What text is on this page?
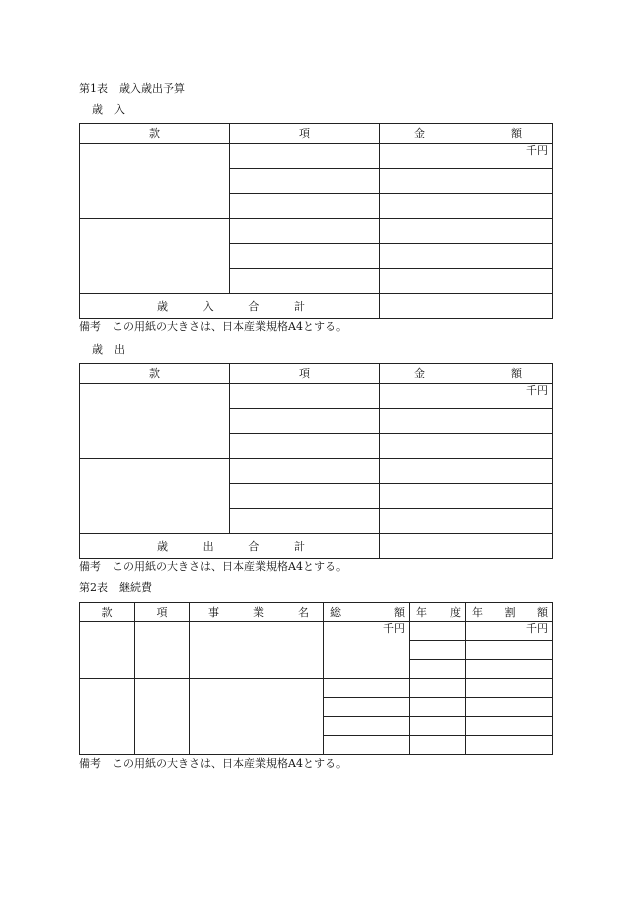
第1表　歳入歳出予算
歳　入
款	項	金 額

		千円

歳 入 合 計		

備考　この用紙の大きさは、日本産業規格A4とする。
歳　出
款	項	金 額

		千円

歳 出 合 計		

備考　この用紙の大きさは、日本産業規格A4とする。
第2表　継続費
款	項	事 業 名	総 額	年 度	年 割 額

			千円		千円

備考　この用紙の大きさは、日本産業規格A4とする。
